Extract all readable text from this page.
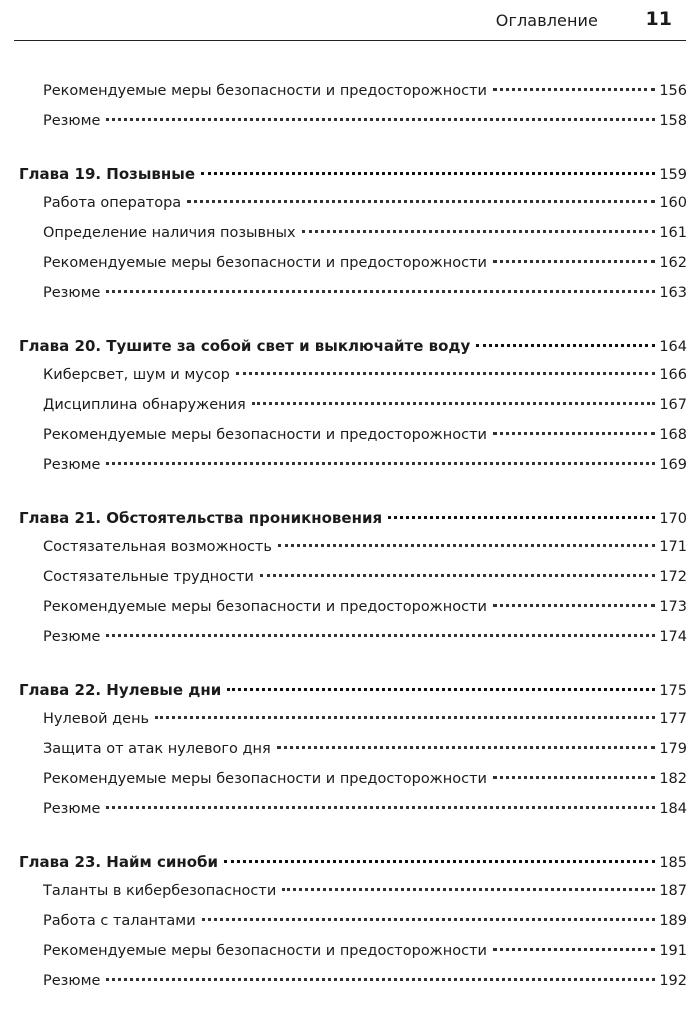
Оглавление	11
Рекомендуемые меры безопасности и предосторожности	156
Резюме	158
Глава 19. Позывные	159
Работа оператора	160
Определение наличия позывных	161
Рекомендуемые меры безопасности и предосторожности	162
Резюме	163
Глава 20. Тушите за собой свет и выключайте воду	164
Киберсвет, шум и мусор	166
Дисциплина обнаружения	167
Рекомендуемые меры безопасности и предосторожности	168
Резюме	169
Глава 21. Обстоятельства проникновения	170
Состязательная возможность	171
Состязательные трудности	172
Рекомендуемые меры безопасности и предосторожности	173
Резюме	174
Глава 22. Нулевые дни	175
Нулевой день	177
Защита от атак нулевого дня	179
Рекомендуемые меры безопасности и предосторожности	182
Резюме	184
Глава 23. Найм синоби	185
Таланты в кибербезопасности	187
Работа с талантами	189
Рекомендуемые меры безопасности и предосторожности	191
Резюме	192
